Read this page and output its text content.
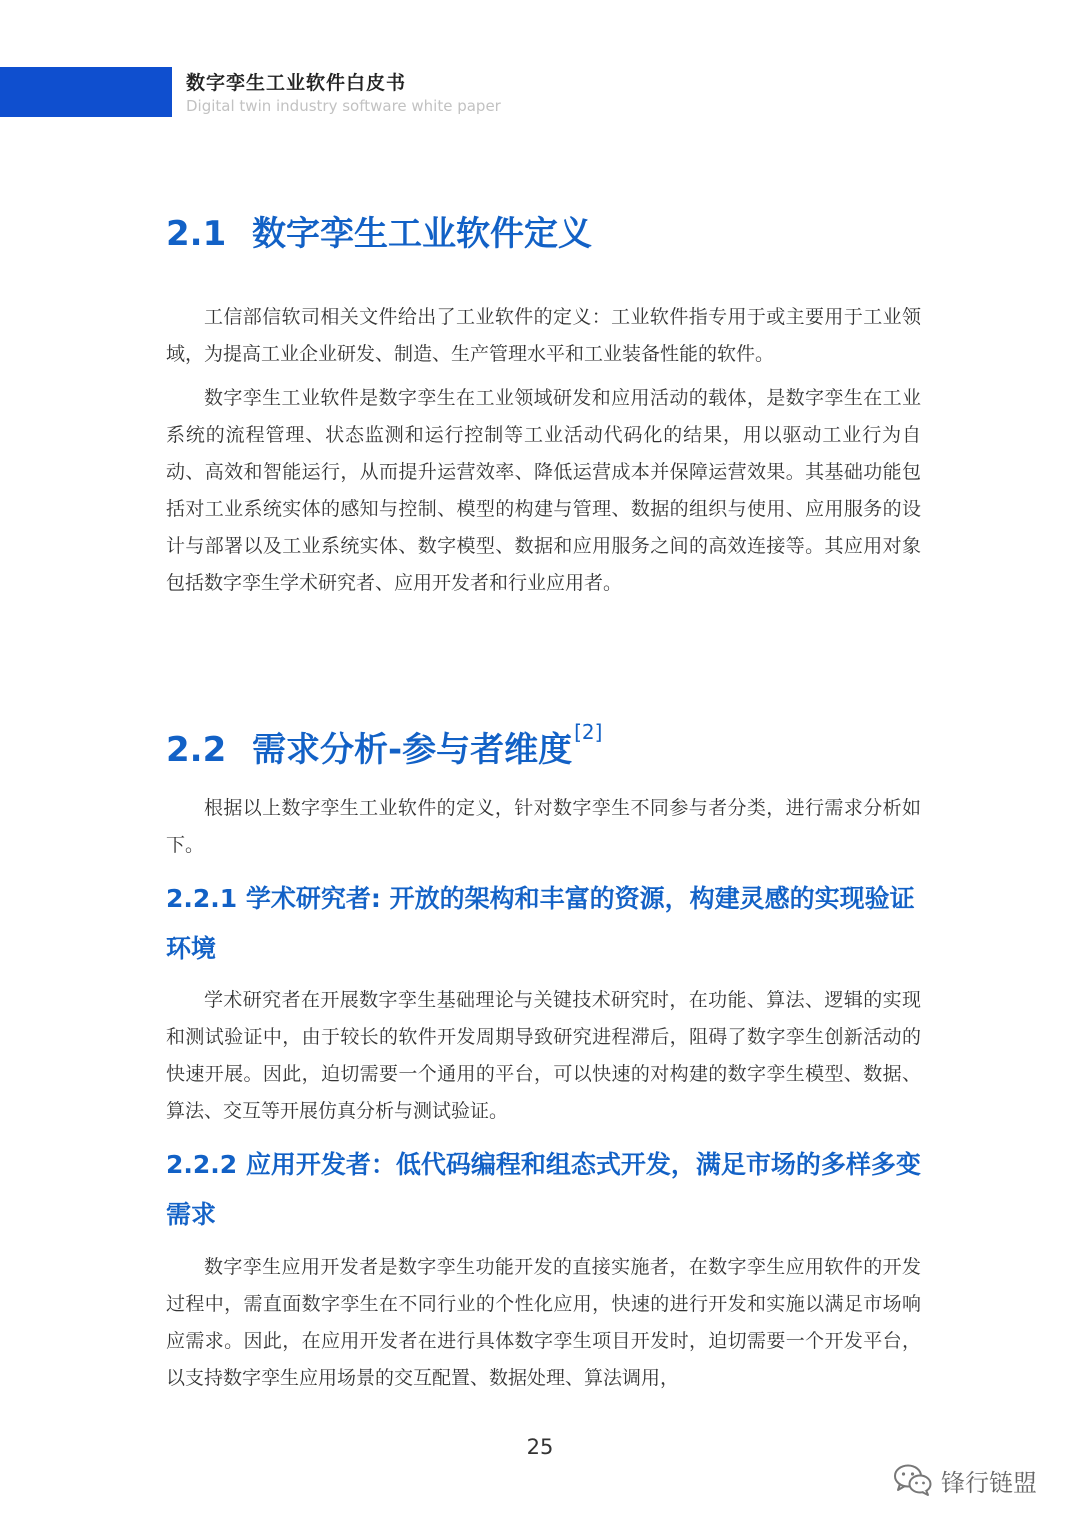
数字孪生工业软件白皮书
Digital twin industry software white paper
2.1 数字孪生工业软件定义

工信部信软司相关文件给出了工业软件的定义：工业软件指专用于或主要用于工业领域，为提高工业企业研发、制造、生产管理水平和工业装备性能的软件。

数字孪生工业软件是数字孪生在工业领域研发和应用活动的载体，是数字孪生在工业系统的流程管理、状态监测和运行控制等工业活动代码化的结果，用以驱动工业行为自动、高效和智能运行，从而提升运营效率、降低运营成本并保障运营效果。其基础功能包括对工业系统实体的感知与控制、模型的构建与管理、数据的组织与使用、应用服务的设计与部署以及工业系统实体、数字模型、数据和应用服务之间的高效连接等。其应用对象包括数字孪生学术研究者、应用开发者和行业应用者。

2.2 需求分析-参与者维度 [2]

根据以上数字孪生工业软件的定义，针对数字孪生不同参与者分类，进行需求分析如下。

2.2.1 学术研究者: 开放的架构和丰富的资源，构建灵感的实现验证环境

学术研究者在开展数字孪生基础理论与关键技术研究时，在功能、算法、逻辑的实现和测试验证中，由于较长的软件开发周期导致研究进程滞后，阻碍了数字孪生创新活动的快速开展。因此，迫切需要一个通用的平台，可以快速的对构建的数字孪生模型、数据、算法、交互等开展仿真分析与测试验证。

2.2.2 应用开发者：低代码编程和组态式开发，满足市场的多样多变需求

数字孪生应用开发者是数字孪生功能开发的直接实施者，在数字孪生应用软件的开发过程中，需直面数字孪生在不同行业的个性化应用，快速的进行开发和实施以满足市场响应需求。因此，在应用开发者在进行具体数字孪生项目开发时，迫切需要一个开发平台，以支持数字孪生应用场景的交互配置、数据处理、算法调用，

25
锋行链盟
